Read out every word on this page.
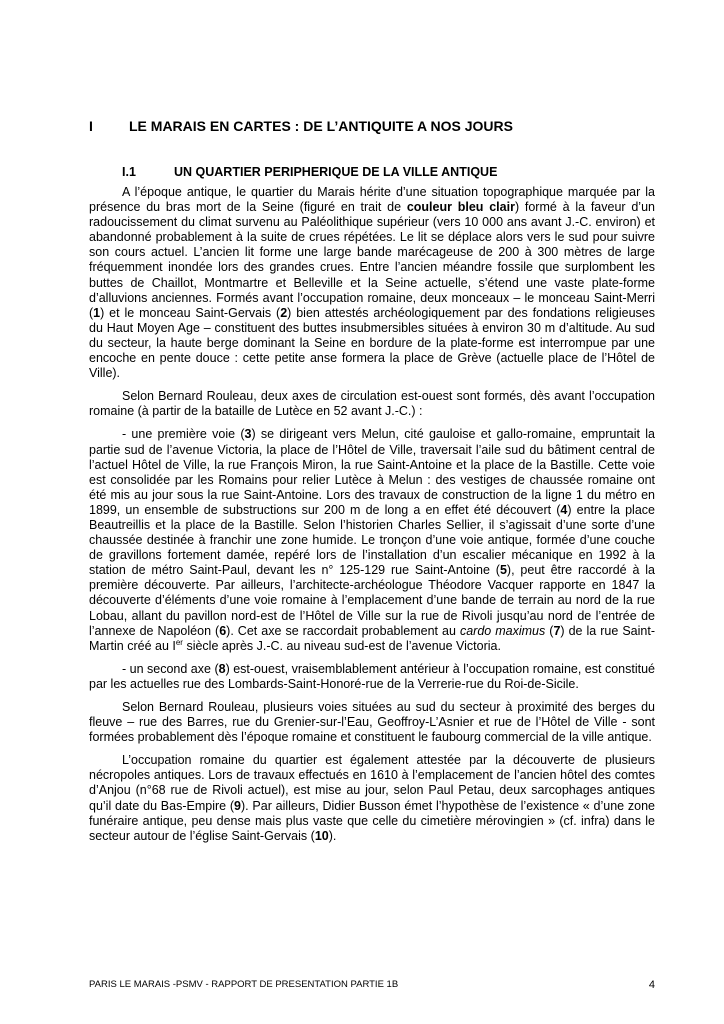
I	LE MARAIS EN CARTES : DE L’ANTIQUITE A NOS JOURS
I.1	UN QUARTIER PERIPHERIQUE DE LA VILLE ANTIQUE

A l’époque antique, le quartier du Marais hérite d’une situation topographique marquée par la présence du bras mort de la Seine (figuré en trait de couleur bleu clair) formé à la faveur d’un radoucissement du climat survenu au Paléolithique supérieur (vers 10 000 ans avant J.-C. environ) et abandonné probablement à la suite de crues répétées. Le lit se déplace alors vers le sud pour suivre son cours actuel. L’ancien lit forme une large bande marécageuse de 200 à 300 mètres de large fréquemment inondée lors des grandes crues. Entre l’ancien méandre fossile que surplombent les buttes de Chaillot, Montmartre et Belleville et la Seine actuelle, s’étend une vaste plate-forme d’alluvions anciennes. Formés avant l’occupation romaine, deux monceaux – le monceau Saint-Merri (1) et le monceau Saint-Gervais (2) bien attestés archéologiquement par des fondations religieuses du Haut Moyen Age – constituent des buttes insubmersibles situées à environ 30 m d’altitude. Au sud du secteur, la haute berge dominant la Seine en bordure de la plate-forme est interrompue par une encoche en pente douce : cette petite anse formera la place de Grève (actuelle place de l’Hôtel de Ville).

Selon Bernard Rouleau, deux axes de circulation est-ouest sont formés, dès avant l’occupation romaine (à partir de la bataille de Lutèce en 52 avant J.-C.) :

- une première voie (3) se dirigeant vers Melun, cité gauloise et gallo-romaine, empruntait la partie sud de l’avenue Victoria, la place de l’Hôtel de Ville, traversait l’aile sud du bâtiment central de l’actuel Hôtel de Ville, la rue François Miron, la rue Saint-Antoine et la place de la Bastille. Cette voie est consolidée par les Romains pour relier Lutèce à Melun : des vestiges de chaussée romaine ont été mis au jour sous la rue Saint-Antoine. Lors des travaux de construction de la ligne 1 du métro en 1899, un ensemble de substructions sur 200 m de long a en effet été découvert (4) entre la place Beautreillis et la place de la Bastille. Selon l’historien Charles Sellier, il s’agissait d’une sorte d’une chaussée destinée à franchir une zone humide. Le tronçon d’une voie antique, formée d’une couche de gravillons fortement damée, repéré lors de l’installation d’un escalier mécanique en 1992 à la station de métro Saint-Paul, devant les n° 125-129 rue Saint-Antoine (5), peut être raccordé à la première découverte. Par ailleurs, l’architecte-archéologue Théodore Vacquer rapporte en 1847 la découverte d’éléments d’une voie romaine à l’emplacement d’une bande de terrain au nord de la rue Lobau, allant du pavillon nord-est de l’Hôtel de Ville sur la rue de Rivoli jusqu’au nord de l’entrée de l’annexe de Napoléon (6). Cet axe se raccordait probablement au cardo maximus (7) de la rue Saint-Martin créé au Ier siècle après J.-C. au niveau sud-est de l’avenue Victoria.

- un second axe (8) est-ouest, vraisemblablement antérieur à l’occupation romaine, est constitué par les actuelles rue des Lombards-Saint-Honoré-rue de la Verrerie-rue du Roi-de-Sicile.

Selon Bernard Rouleau, plusieurs voies situées au sud du secteur à proximité des berges du fleuve – rue des Barres, rue du Grenier-sur-l’Eau, Geoffroy-L’Asnier et rue de l’Hôtel de Ville - sont formées probablement dès l’époque romaine et constituent le faubourg commercial de la ville antique.

L’occupation romaine du quartier est également attestée par la découverte de plusieurs nécropoles antiques. Lors de travaux effectués en 1610 à l’emplacement de l’ancien hôtel des comtes d’Anjou (n°68 rue de Rivoli actuel), est mise au jour, selon Paul Petau, deux sarcophages antiques qu’il date du Bas-Empire (9). Par ailleurs, Didier Busson émet l’hypothèse de l’existence « d’une zone funéraire antique, peu dense mais plus vaste que celle du cimetière mérovingien » (cf. infra) dans le secteur autour de l’église Saint-Gervais (10).

PARIS LE MARAIS -PSMV - RAPPORT DE PRESENTATION PARTIE 1B	4
